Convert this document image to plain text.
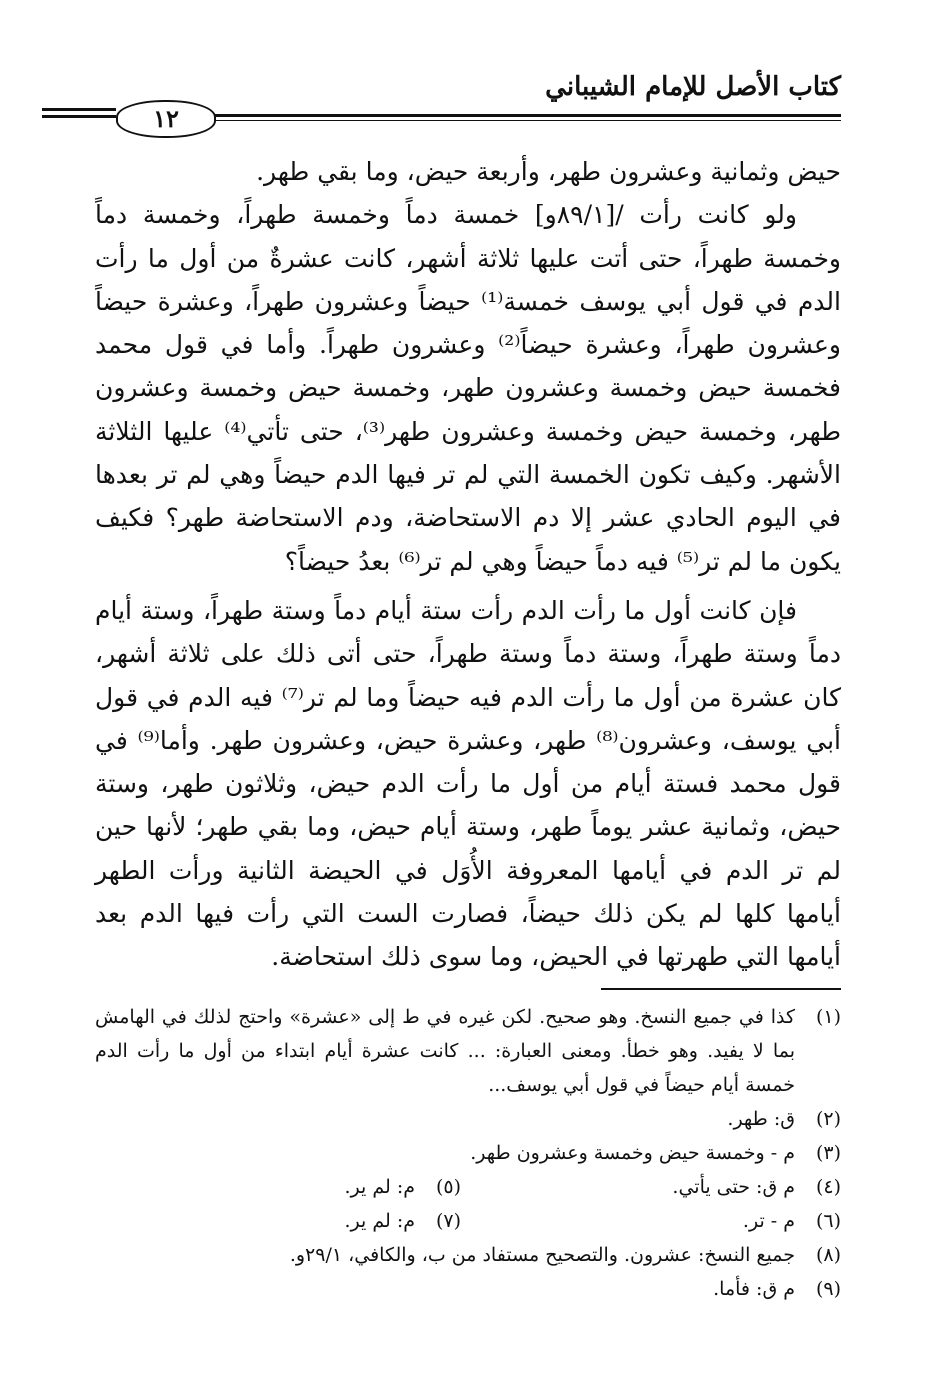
كتاب الأصل للإمام الشيباني
١٢

حيض وثمانية وعشرون طهر، وأربعة حيض، وما بقي طهر.

ولو كانت رأت /[٨٩/١و] خمسة دماً وخمسة طهراً، وخمسة دماً وخمسة طهراً، حتى أتت عليها ثلاثة أشهر، كانت عشرةٌ من أول ما رأت الدم في قول أبي يوسف خمسة⁽¹⁾ حيضاً وعشرون طهراً، وعشرة حيضاً وعشرون طهراً، وعشرة حيضاً⁽²⁾ وعشرون طهراً. وأما في قول محمد فخمسة حيض وخمسة وعشرون طهر، وخمسة حيض وخمسة وعشرون طهر، وخمسة حيض وخمسة وعشرون طهر⁽³⁾، حتى تأتي⁽⁴⁾ عليها الثلاثة الأشهر. وكيف تكون الخمسة التي لم تر فيها الدم حيضاً وهي لم تر بعدها في اليوم الحادي عشر إلا دم الاستحاضة، ودم الاستحاضة طهر؟ فكيف يكون ما لم تر⁽⁵⁾ فيه دماً حيضاً وهي لم تر⁽⁶⁾ بعدُ حيضاً؟

فإن كانت أول ما رأت الدم رأت ستة أيام دماً وستة طهراً، وستة أيام دماً وستة طهراً، وستة دماً وستة طهراً، حتى أتى ذلك على ثلاثة أشهر، كان عشرة من أول ما رأت الدم فيه حيضاً وما لم تر⁽⁷⁾ فيه الدم في قول أبي يوسف، وعشرون⁽⁸⁾ طهر، وعشرة حيض، وعشرون طهر. وأما⁽⁹⁾ في قول محمد فستة أيام من أول ما رأت الدم حيض، وثلاثون طهر، وستة حيض، وثمانية عشر يوماً طهر، وستة أيام حيض، وما بقي طهر؛ لأنها حين لم تر الدم في أيامها المعروفة الأُوَل في الحيضة الثانية ورأت الطهر أيامها كلها لم يكن ذلك حيضاً، فصارت الست التي رأت فيها الدم بعد أيامها التي طهرتها في الحيض، وما سوى ذلك استحاضة.

(١)
كذا في جميع النسخ. وهو صحيح. لكن غيره في ط إلى «عشرة» واحتج لذلك في الهامش بما لا يفيد. وهو خطأ. ومعنى العبارة: ... كانت عشرة أيام ابتداء من أول ما رأت الدم خمسة أيام حيضاً في قول أبي يوسف...
(٢)
ق: طهر.
(٣)
م - وخمسة حيض وخمسة وعشرون طهر.
(٤)
م ق: حتى يأتي.
(٥)
م: لم ير.
(٦)
م - تر.
(٧)
م: لم ير.
(٨)
جميع النسخ: عشرون. والتصحيح مستفاد من ب، والكافي، ٢٩/١و.
(٩)
م ق: فأما.
